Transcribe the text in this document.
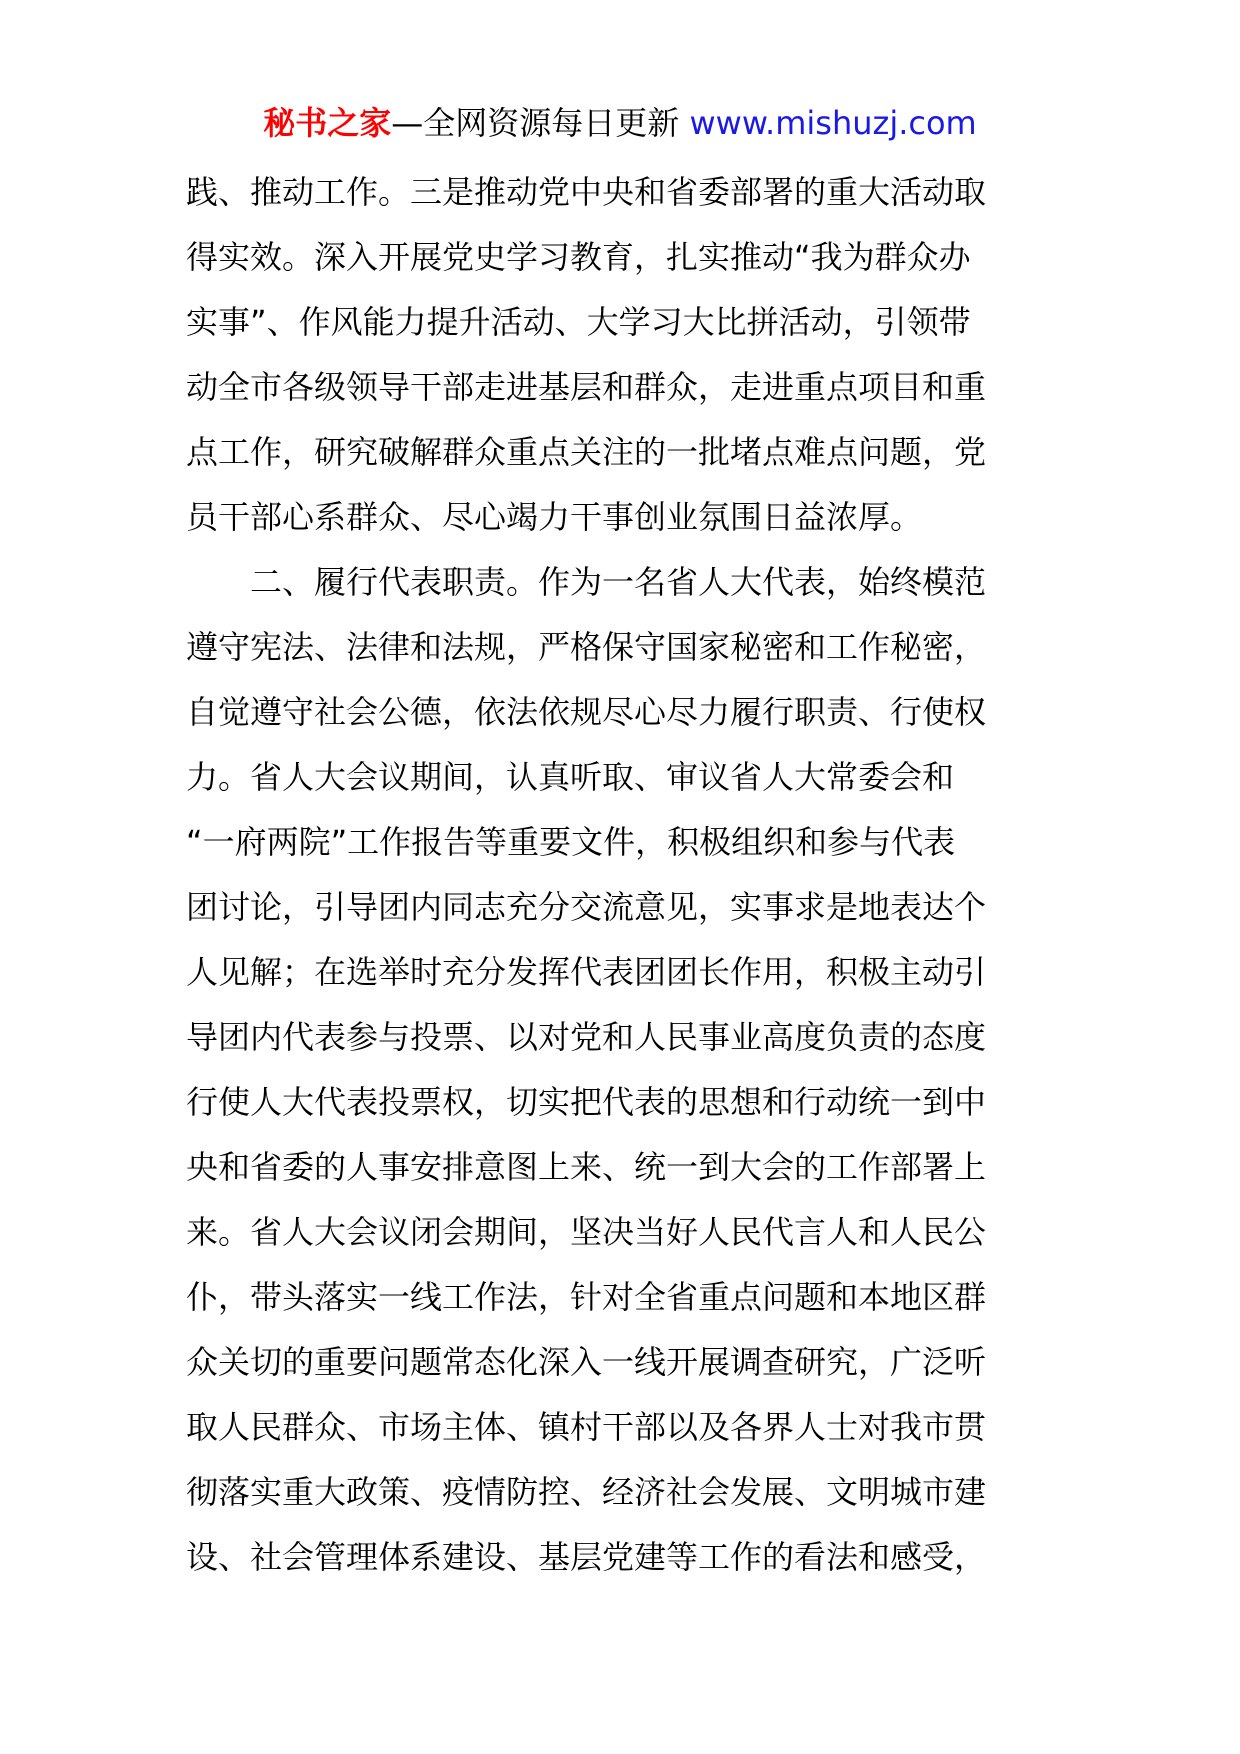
秘书之家—全网资源每日更新 www.mishuzj.com
践、推动工作。三是推动党中央和省委部署的重大活动取
得实效。深入开展党史学习教育，扎实推动“我为群众办
实事”、作风能力提升活动、大学习大比拼活动，引领带
动全市各级领导干部走进基层和群众，走进重点项目和重
点工作，研究破解群众重点关注的一批堵点难点问题，党
员干部心系群众、尽心竭力干事创业氛围日益浓厚。
二、履行代表职责。作为一名省人大代表，始终模范
遵守宪法、法律和法规，严格保守国家秘密和工作秘密，
自觉遵守社会公德，依法依规尽心尽力履行职责、行使权
力。省人大会议期间，认真听取、审议省人大常委会和
“一府两院”工作报告等重要文件，积极组织和参与代表
团讨论，引导团内同志充分交流意见，实事求是地表达个
人见解；在选举时充分发挥代表团团长作用，积极主动引
导团内代表参与投票、以对党和人民事业高度负责的态度
行使人大代表投票权，切实把代表的思想和行动统一到中
央和省委的人事安排意图上来、统一到大会的工作部署上
来。省人大会议闭会期间，坚决当好人民代言人和人民公
仆，带头落实一线工作法，针对全省重点问题和本地区群
众关切的重要问题常态化深入一线开展调查研究，广泛听
取人民群众、市场主体、镇村干部以及各界人士对我市贯
彻落实重大政策、疫情防控、经济社会发展、文明城市建
设、社会管理体系建设、基层党建等工作的看法和感受，
